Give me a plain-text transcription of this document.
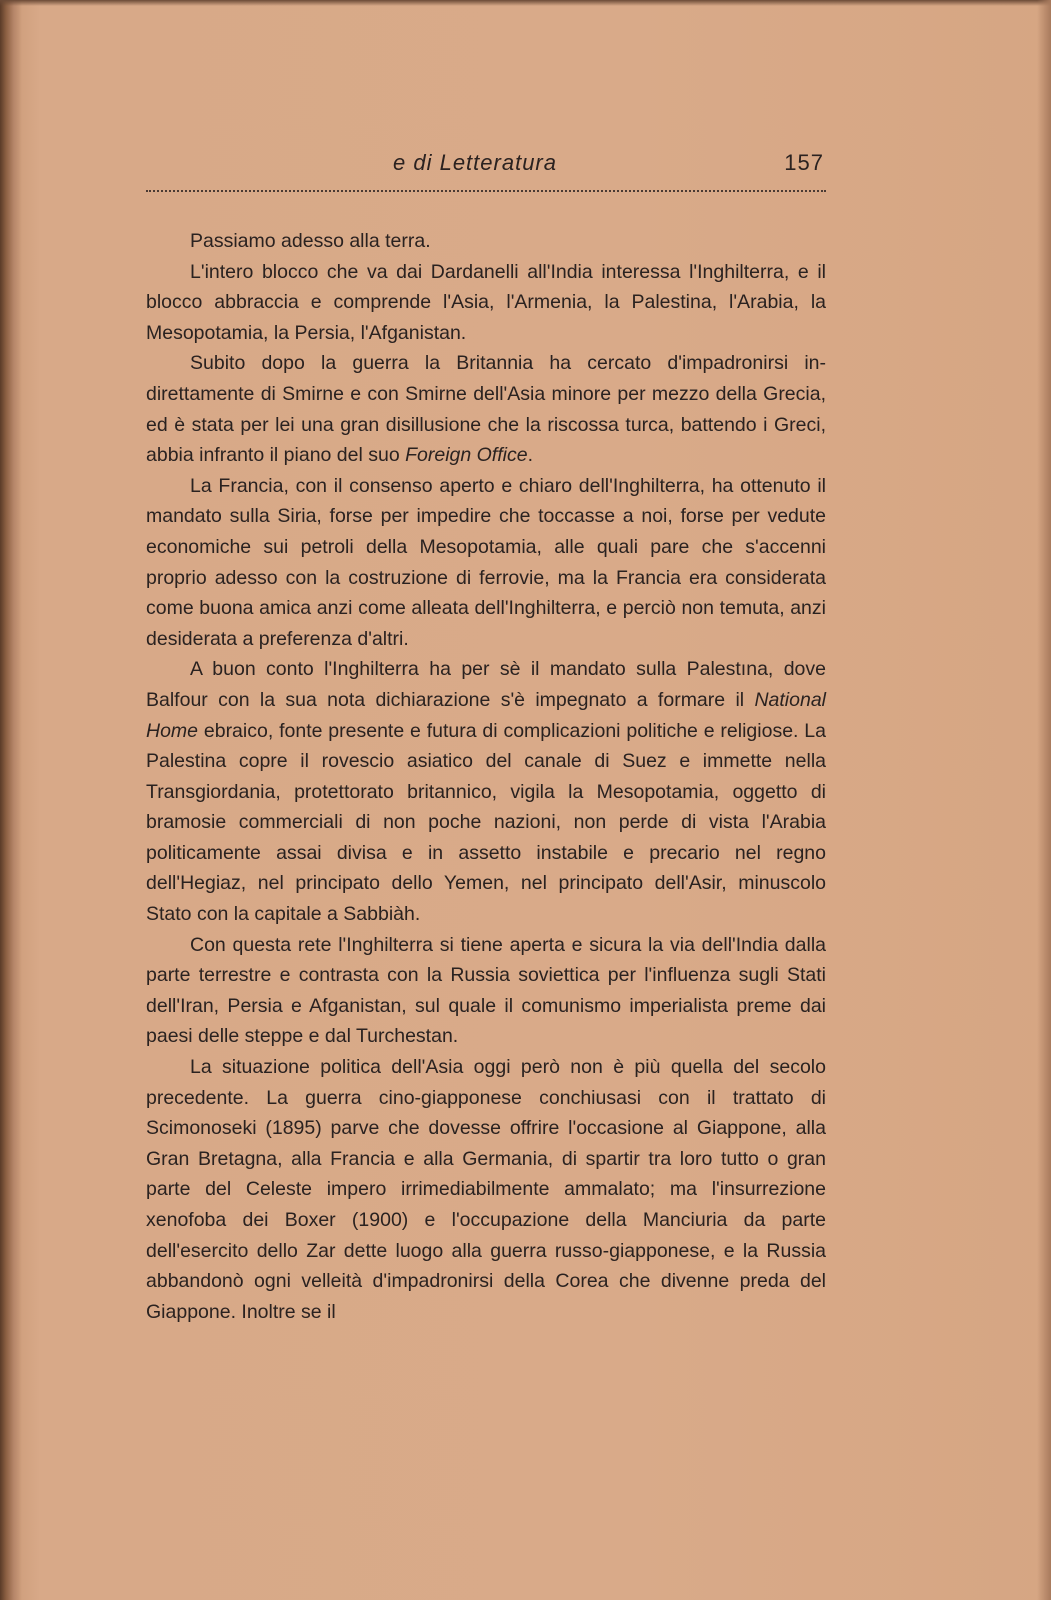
e di Letteratura	157

Passiamo adesso alla terra.

L'intero blocco che va dai Dardanelli all'India interessa l'Inghilterra, e il blocco abbraccia e comprende l'Asia, l'Armenia, la Palestina, l'Arabia, la Mesopotamia, la Persia, l'Afganistan.

Subito dopo la guerra la Britannia ha cercato d'impadronirsi indirettamente di Smirne e con Smirne dell'Asia minore per mezzo della Grecia, ed è stata per lei una gran disillusione che la riscossa turca, battendo i Greci, abbia infranto il piano del suo Foreign Office.

La Francia, con il consenso aperto e chiaro dell'Inghilterra, ha ottenuto il mandato sulla Siria, forse per impedire che toccasse a noi, forse per vedute economiche sui petroli della Mesopotamia, alle quali pare che s'accenni proprio adesso con la costruzione di ferrovie, ma la Francia era considerata come buona amica anzi come alleata dell'Inghilterra, e perciò non temuta, anzi desiderata a preferenza d'altri.

A buon conto l'Inghilterra ha per sè il mandato sulla Palestına, dove Balfour con la sua nota dichiarazione s'è impegnato a formare il National Home ebraico, fonte presente e futura di complicazioni politiche e religiose. La Palestina copre il rovescio asiatico del canale di Suez e immette nella Transgiordania, protettorato britannico, vigila la Mesopotamia, oggetto di bramosie commerciali di non poche nazioni, non perde di vista l'Arabia politicamente assai divisa e in assetto instabile e precario nel regno dell'Hegiaz, nel principato dello Yemen, nel principato dell'Asir, minuscolo Stato con la capitale a Sabbiàh.

Con questa rete l'Inghilterra si tiene aperta e sicura la via dell'India dalla parte terrestre e contrasta con la Russia soviettica per l'influenza sugli Stati dell'Iran, Persia e Afganistan, sul quale il comunismo imperialista preme dai paesi delle steppe e dal Turchestan.

La situazione politica dell'Asia oggi però non è più quella del secolo precedente. La guerra cino-giapponese conchiusasi con il trattato di Scimonoseki (1895) parve che dovesse offrire l'occasione al Giappone, alla Gran Bretagna, alla Francia e alla Germania, di spartir tra loro tutto o gran parte del Celeste impero irrimediabilmente ammalato; ma l'insurrezione xenofoba dei Boxer (1900) e l'occupazione della Manciuria da parte dell'esercito dello Zar dette luogo alla guerra russo-giapponese, e la Russia abbandonò ogni velleità d'impadronirsi della Corea che divenne preda del Giappone. Inoltre se il
